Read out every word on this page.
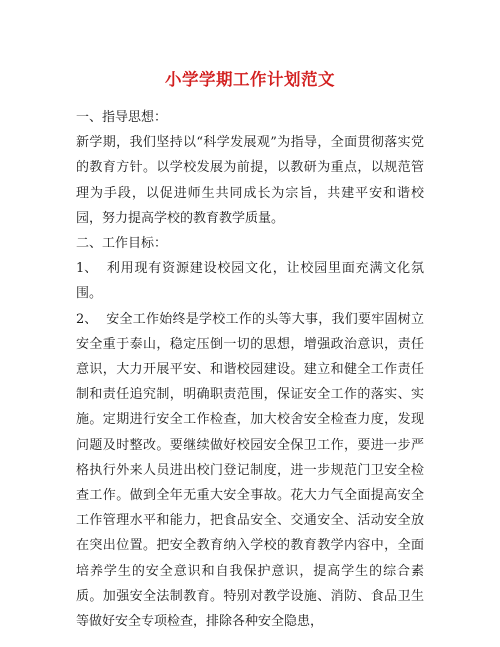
小学学期工作计划范文

一、指导思想：

新学期，我们坚持以“科学发展观”为指导，全面贯彻落实党的教育方针。以学校发展为前提，以教研为重点，以规范管理为手段，以促进师生共同成长为宗旨，共建平安和谐校园，努力提高学校的教育教学质量。

二、工作目标：

1、 利用现有资源建设校园文化，让校园里面充满文化氛围。

2、 安全工作始终是学校工作的头等大事，我们要牢固树立安全重于泰山，稳定压倒一切的思想，增强政治意识，责任意识，大力开展平安、和谐校园建设。建立和健全工作责任制和责任追究制，明确职责范围，保证安全工作的落实、实施。定期进行安全工作检查，加大校舍安全检查力度，发现问题及时整改。要继续做好校园安全保卫工作，要进一步严格执行外来人员进出校门登记制度，进一步规范门卫安全检查工作。做到全年无重大安全事故。花大力气全面提高安全工作管理水平和能力，把食品安全、交通安全、活动安全放在突出位置。把安全教育纳入学校的教育教学内容中，全面培养学生的安全意识和自我保护意识，提高学生的综合素质。加强安全法制教育。特别对教学设施、消防、食品卫生等做好安全专项检查，排除各种安全隐患，
